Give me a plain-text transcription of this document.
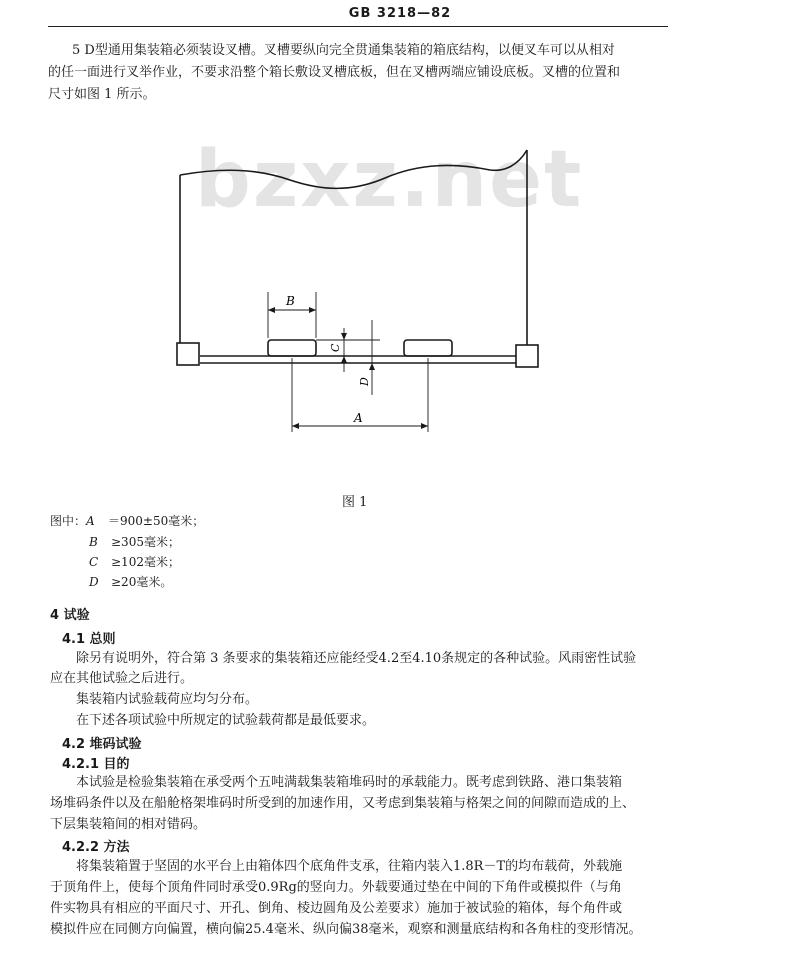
GB 3218—82
5 D型通用集装箱必须装设叉槽。叉槽要纵向完全贯通集装箱的箱底结构，以便叉车可以从相对
的任一面进行叉举作业，不要求沿整个箱长敷设叉槽底板，但在叉槽两端应铺设底板。叉槽的位置和
尺寸如图 1 所示。
bzxz.net
B
C
D
A
图 1
图中：A ＝900±50毫米；
B ≥305毫米；
C ≥102毫米；
D ≥20毫米。
4 试验
4.1 总则
除另有说明外，符合第 3 条要求的集装箱还应能经受4.2至4.10条规定的各种试验。风雨密性试验
应在其他试验之后进行。
集装箱内试验载荷应均匀分布。
在下述各项试验中所规定的试验载荷都是最低要求。
4.2 堆码试验
4.2.1 目的
本试验是检验集装箱在承受两个五吨满载集装箱堆码时的承载能力。既考虑到铁路、港口集装箱
场堆码条件以及在船舱格架堆码时所受到的加速作用，又考虑到集装箱与格架之间的间隙而造成的上、
下层集装箱间的相对错码。
4.2.2 方法
将集装箱置于坚固的水平台上由箱体四个底角件支承，往箱内装入1.8R－T的均布载荷，外载施
于顶角件上，使每个顶角件同时承受0.9Rg的竖向力。外载要通过垫在中间的下角件或模拟件（与角
件实物具有相应的平面尺寸、开孔、倒角、棱边圆角及公差要求）施加于被试验的箱体，每个角件或
模拟件应在同侧方向偏置，横向偏25.4毫米、纵向偏38毫米，观察和测量底结构和各角柱的变形情况。
